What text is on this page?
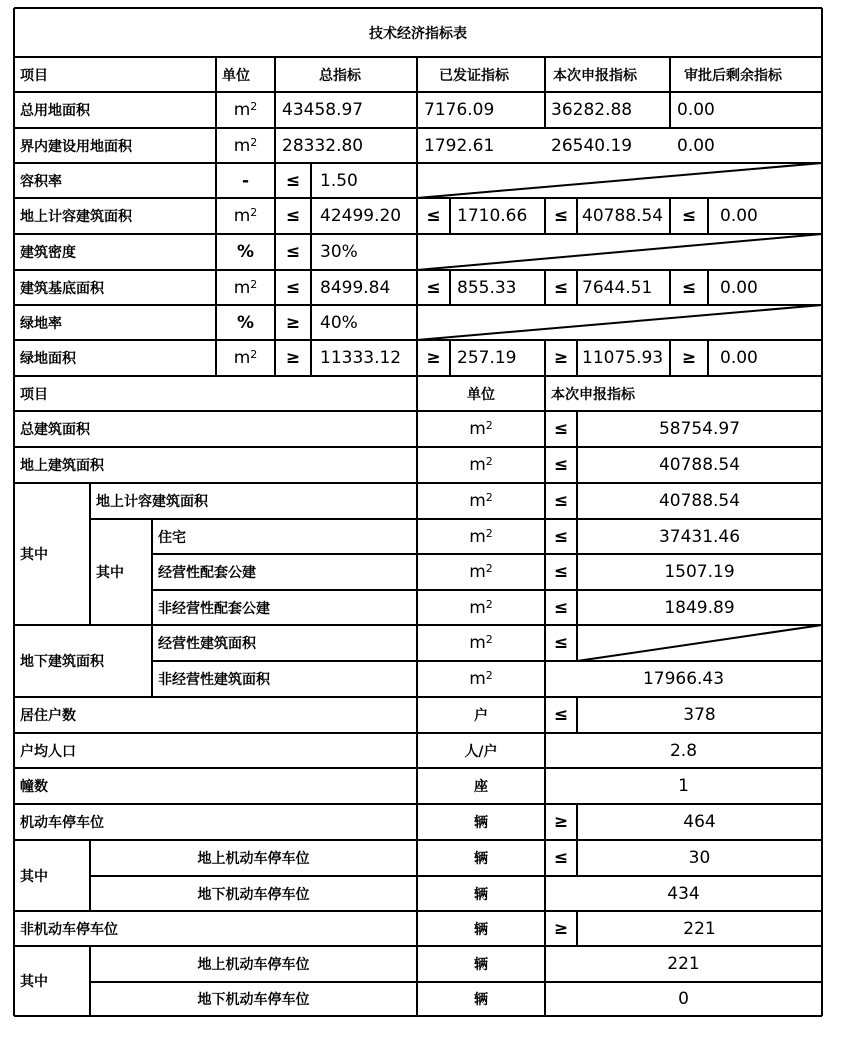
技术经济指标表
项目	单位	总指标	已发证指标	本次申报指标	审批后剩余指标
总用地面积	$m^2$ 43458.97	7176.09	36282.88	0.00
界内建设用地面积	$m^2$ 28332.80	1792.61	26540.19	0.00
容积率	-	≤	1.50
地上计容建筑面积	$m^2$	≤	42499.20	≤ 1710.66	≤ 40788.54	≤	0.00
建筑密度	%	≤	30%
建筑基底面积	$m^2$	≤	8499.84	≤ 855.33	≤ 7644.51	≤	0.00
绿地率	%	≥	40%
绿地面积	$m^2$	≥	11333.12	≥ 257.19	≥ 11075.93	≥	0.00
项目	单位	本次申报指标
总建筑面积	$m^2$	≤	58754.97
地上建筑面积	$m^2$	≤	40788.54
其中
地上计容建筑面积	$m^2$	≤	40788.54
其中
住宅	$m^2$	≤	37431.46
经营性配套公建	$m^2$	≤	1507.19
非经营性配套公建	$m^2$	≤	1849.89
地下建筑面积
经营性建筑面积	$m^2$	≤
非经营性建筑面积	$m^2$	17966.43
居住户数	户	≤	378
户均人口	人/户	2.8
幢数	座	1
机动车停车位	辆	≥	464
其中
地上机动车停车位	辆	≤	30
地下机动车停车位	辆	434
非机动车停车位	辆	≥	221
其中
地上机动车停车位	辆	221
地下机动车停车位	辆	0
